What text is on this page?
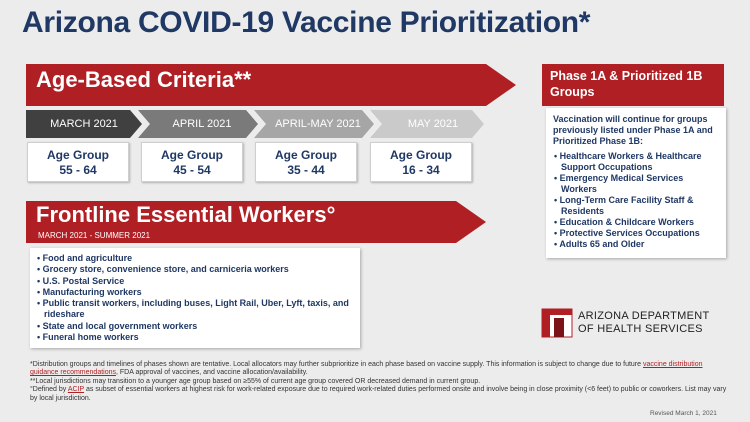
Arizona COVID-19 Vaccine Prioritization*
Age-Based Criteria**
MARCH 2021	APRIL 2021	APRIL-MAY 2021	MAY 2021
Age Group
55 - 64
Age Group
45 - 54
Age Group
35 - 44
Age Group
16 - 34
Frontline Essential Workers°
MARCH 2021 - SUMMER 2021
• Food and agriculture
• Grocery store, convenience store, and carniceria workers
• U.S. Postal Service
• Manufacturing workers
• Public transit workers, including buses, Light Rail, Uber, Lyft, taxis, and rideshare
• State and local government workers
• Funeral home workers
Phase 1A & Prioritized 1B Groups
Vaccination will continue for groups previously listed under Phase 1A and Prioritized Phase 1B:
• Healthcare Workers & Healthcare Support Occupations
• Emergency Medical Services Workers
• Long-Term Care Facility Staff & Residents
• Education & Childcare Workers
• Protective Services Occupations
• Adults 65 and Older
ARIZONA DEPARTMENT
OF HEALTH SERVICES

*Distribution groups and timelines of phases shown are tentative. Local allocators may further subprioritize in each phase based on vaccine supply. This information is subject to change due to future vaccine distribution guidance recommendations, FDA approval of vaccines, and vaccine allocation/availability.

**Local jurisdictions may transition to a younger age group based on ≥55% of current age group covered OR decreased demand in current group.

°Defined by ACIP as subset of essential workers at highest risk for work-related exposure due to required work-related duties performed onsite and involve being in close proximity (<6 feet) to public or coworkers. List may vary by local jurisdiction.

Revised March 1, 2021
